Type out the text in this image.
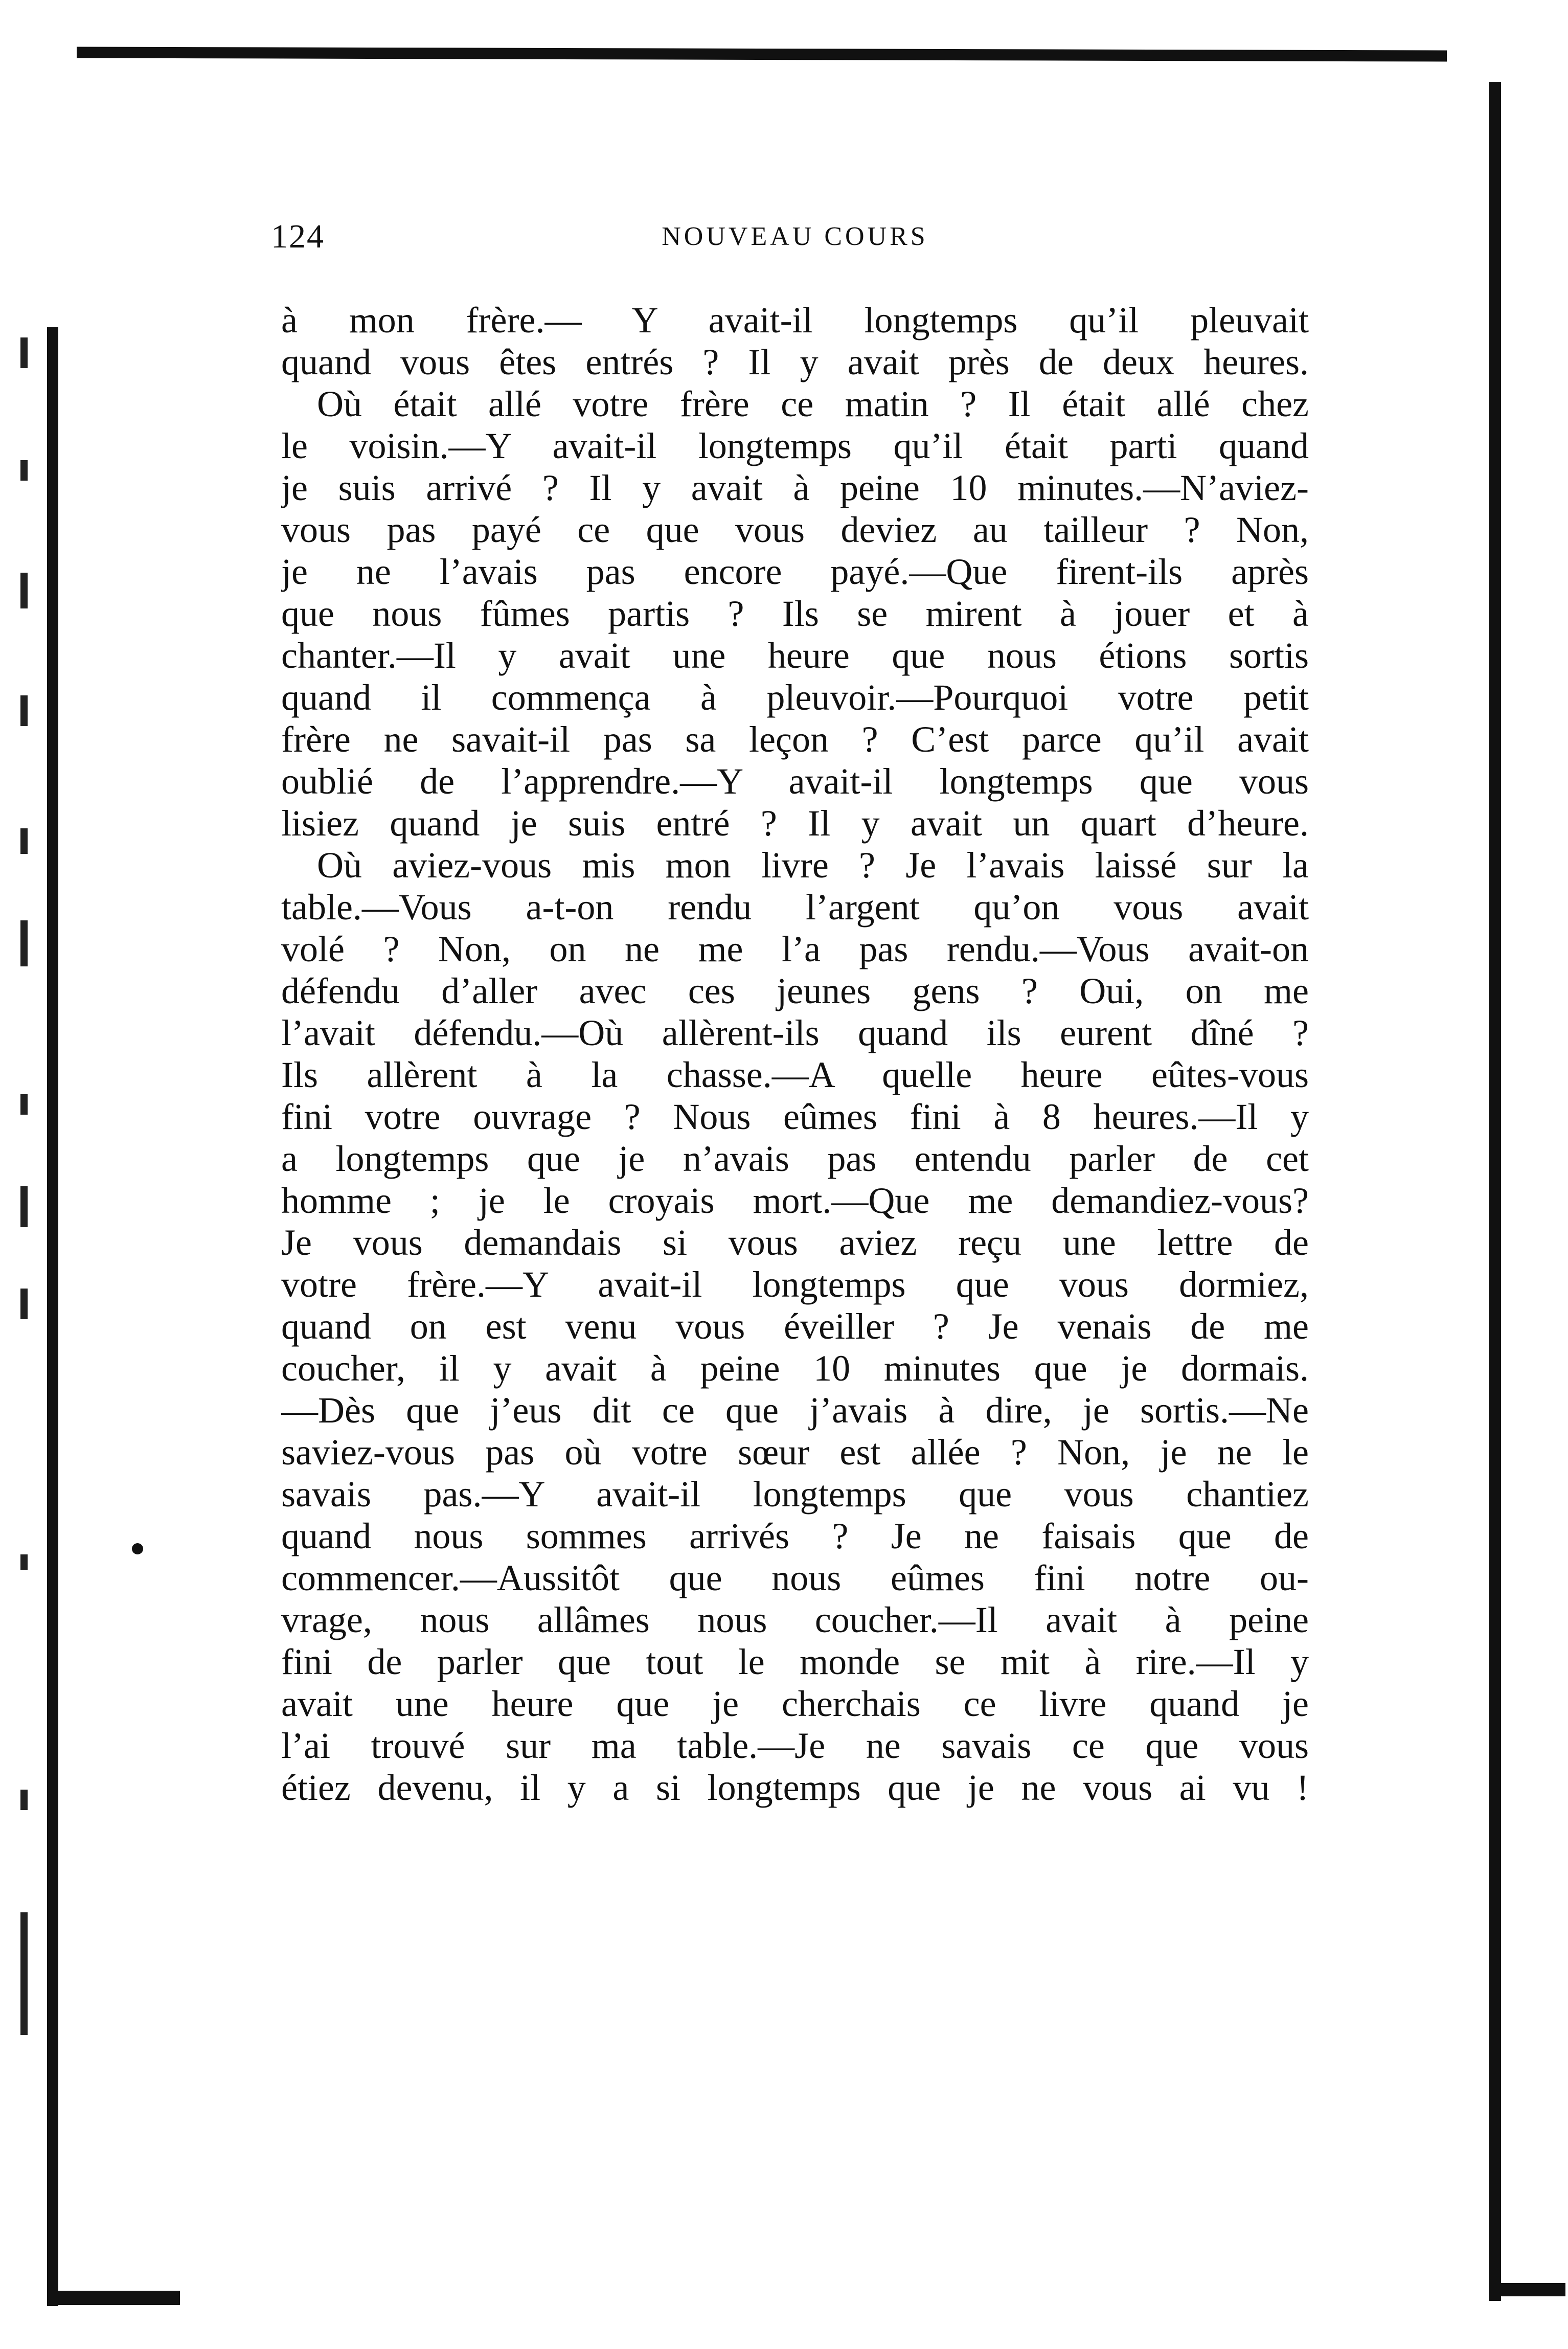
124	NOUVEAU COURS
à mon frère.— Y avait-il longtemps qu’il pleuvait
quand vous êtes entrés ? Il y avait près de deux heures.
Où était allé votre frère ce matin ? Il était allé chez
le voisin.—Y avait-il longtemps qu’il était parti quand
je suis arrivé ? Il y avait à peine 10 minutes.—N’aviez-
vous pas payé ce que vous deviez au tailleur ? Non,
je ne l’avais pas encore payé.—Que firent-ils après
que nous fûmes partis ? Ils se mirent à jouer et à
chanter.—Il y avait une heure que nous étions sortis
quand il commença à pleuvoir.—Pourquoi votre petit
frère ne savait-il pas sa leçon ? C’est parce qu’il avait
oublié de l’apprendre.—Y avait-il longtemps que vous
lisiez quand je suis entré ? Il y avait un quart d’heure.
Où aviez-vous mis mon livre ? Je l’avais laissé sur la
table.—Vous a-t-on rendu l’argent qu’on vous avait
volé ? Non, on ne me l’a pas rendu.—Vous avait-on
défendu d’aller avec ces jeunes gens ? Oui, on me
l’avait défendu.—Où allèrent-ils quand ils eurent dîné ?
Ils allèrent à la chasse.—A quelle heure eûtes-vous
fini votre ouvrage ? Nous eûmes fini à 8 heures.—Il y
a longtemps que je n’avais pas entendu parler de cet
homme ; je le croyais mort.—Que me demandiez-vous?
Je vous demandais si vous aviez reçu une lettre de
votre frère.—Y avait-il longtemps que vous dormiez,
quand on est venu vous éveiller ? Je venais de me
coucher, il y avait à peine 10 minutes que je dormais.
—Dès que j’eus dit ce que j’avais à dire, je sortis.—Ne
saviez-vous pas où votre sœur est allée ? Non, je ne le
savais pas.—Y avait-il longtemps que vous chantiez
quand nous sommes arrivés ? Je ne faisais que de
commencer.—Aussitôt que nous eûmes fini notre ou-
vrage, nous allâmes nous coucher.—Il avait à peine
fini de parler que tout le monde se mit à rire.—Il y
avait une heure que je cherchais ce livre quand je
l’ai trouvé sur ma table.—Je ne savais ce que vous
étiez devenu, il y a si longtemps que je ne vous ai vu !
